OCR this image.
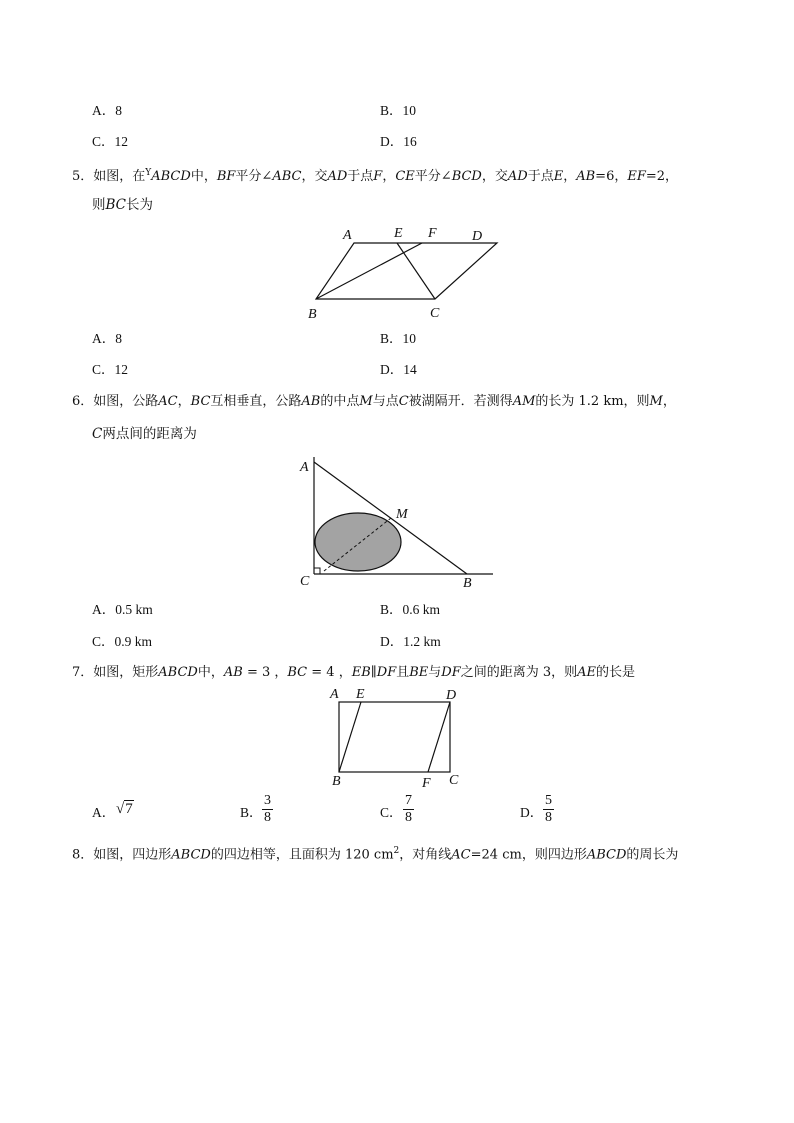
A．8	B．10
C．12	D．16
5．如图，在$^Y$ABCD中，BF平分∠ABC，交AD于点F，CE平分∠BCD，交AD于点E，AB=6，EF=2，
则BC长为
A	E F	D
B	C
A．8	B．10
C．12	D．14
6．如图，公路AC，BC互相垂直，公路AB的中点M与点C被湖隔开．若测得AM的长为 1.2 km，则M，
C两点间的距离为
A
M
C	B
A．0.5 km	B．0.6 km
C．0.9 km	D．1.2 km
7．如图，矩形ABCD中，AB = 3 ，BC = 4 ，EB∥DF且BE与DF之间的距离为 3，则AE的长是
A E	D
B	F C
A． √7	B． $\frac{3}{8}$	C． $\frac{7}{8}$	D． $\frac{5}{8}$
8．如图，四边形ABCD的四边相等，且面积为 120 $cm^2$，对角线AC=24 cm，则四边形ABCD的周长为
